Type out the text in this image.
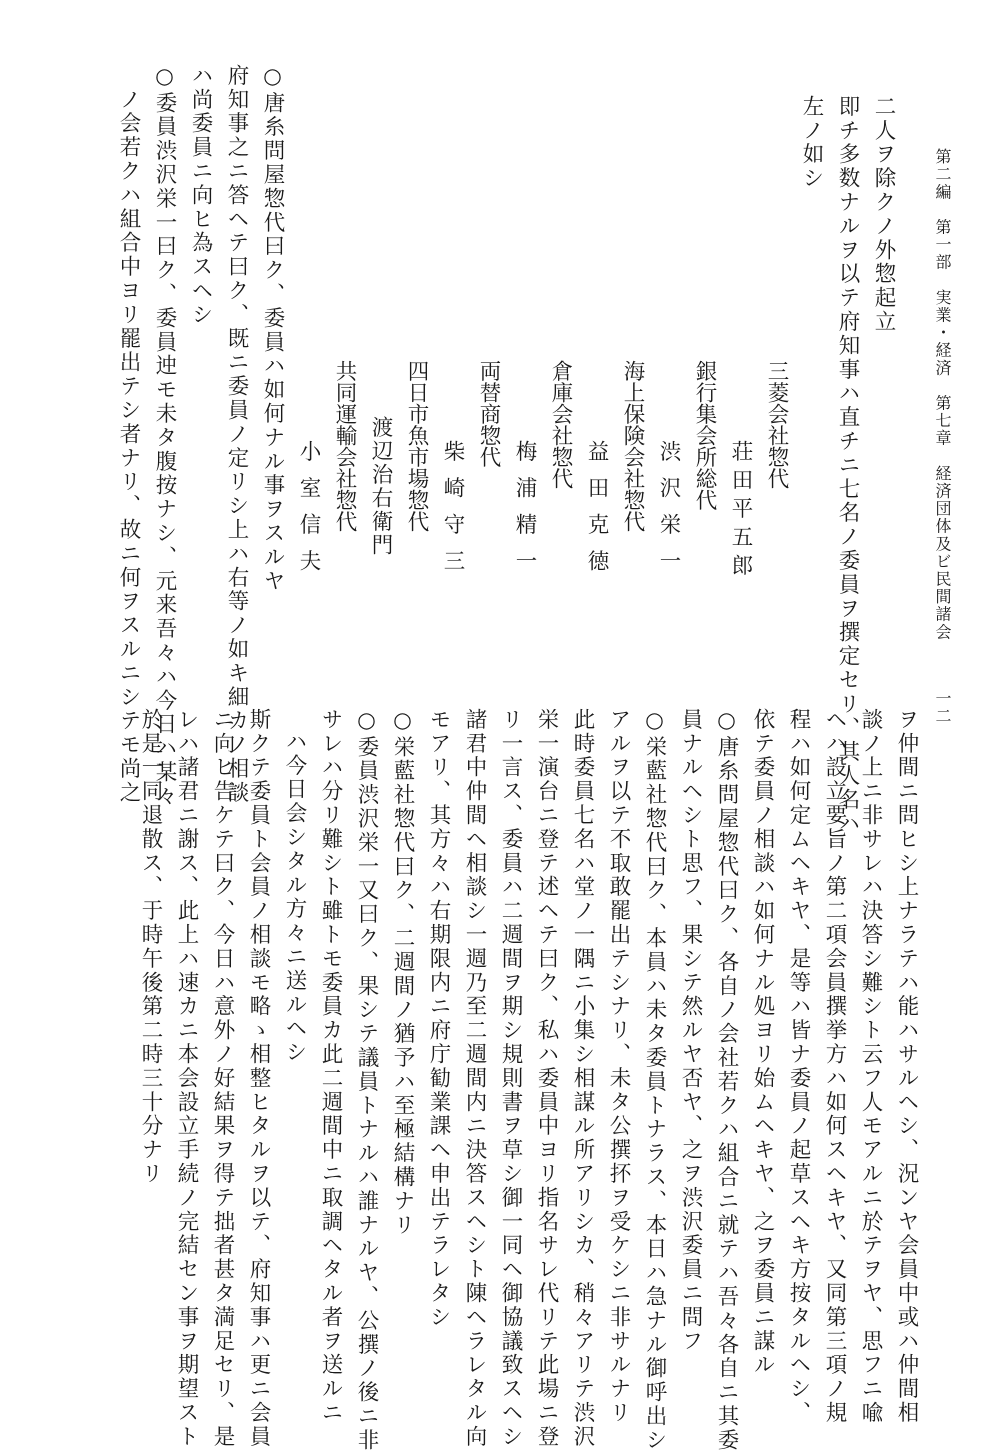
第二編　第一部　実業・経済　第七章　経済団体及ビ民間諸会
一二
二人ヲ除クノ外惣起立
即チ多数ナルヲ以テ府知事ハ直チニ七名ノ委員ヲ撰定セリ、其人名ハ
左ノ如シ
三菱会社惣代
荘田平五郎
銀行集会所総代
渋沢栄一
海上保険会社惣代
益田克徳
倉庫会社惣代
梅浦精一
両替商惣代
柴崎守三
四日市魚市場惣代
渡辺治右衛門
共同運輸会社惣代
小室信夫
○唐糸問屋惣代曰ク、委員ハ如何ナル事ヲスルヤ
府知事之ニ答ヘテ曰ク、既ニ委員ノ定リシ上ハ右等ノ如キ細カノ相談
ハ尚委員ニ向ヒ為スヘシ
○委員渋沢栄一曰ク、委員迚モ未タ腹按ナシ、元来吾々ハ今日ハ某々
　ノ会若クハ組合中ヨリ罷出テシ者ナリ、故ニ何ヲスルニシテモ尚之
ヲ仲間ニ問ヒシ上ナラテハ能ハサルヘシ、況ンヤ会員中或ハ仲間相
談ノ上ニ非サレハ決答シ難シト云フ人モアルニ於テヲヤ、思フニ喩
ヘハ設立要旨ノ第二項会員撰挙方ハ如何スヘキヤ、又同第三項ノ規
程ハ如何定ムヘキヤ、是等ハ皆ナ委員ノ起草スヘキ方按タルヘシ、
依テ委員ノ相談ハ如何ナル処ヨリ始ムヘキヤ、之ヲ委員ニ謀ル
○唐糸問屋惣代曰ク、各自ノ会社若クハ組合ニ就テハ吾々各自ニ其委
員ナルヘシト思フ、果シテ然ルヤ否ヤ、之ヲ渋沢委員ニ問フ
○栄藍社惣代曰ク、本員ハ未タ委員トナラス、本日ハ急ナル御呼出シ
アルヲ以テ不取敢罷出テシナリ、未タ公撰抔ヲ受ケシニ非サルナリ
此時委員七名ハ堂ノ一隅ニ小集シ相謀ル所アリシカ、稍々アリテ渋沢
栄一演台ニ登テ述ヘテ曰ク、私ハ委員中ヨリ指名サレ代リテ此場ニ登
リ一言ス、委員ハ二週間ヲ期シ規則書ヲ草シ御一同ヘ御協議致スヘシ
諸君中仲間ヘ相談シ一週乃至二週間内ニ決答スヘシト陳ヘラレタル向
モアリ、其方々ハ右期限内ニ府庁勧業課ヘ申出テラレタシ
○栄藍社惣代曰ク、二週間ノ猶予ハ至極結構ナリ
○委員渋沢栄一又曰ク、果シテ議員トナルハ誰ナルヤ、公撰ノ後ニ非
サレハ分リ難シト雖トモ委員カ此二週間中ニ取調ヘタル者ヲ送ルニ
ハ今日会シタル方々ニ送ルヘシ
斯クテ委員ト会員ノ相談モ略ゝ相整ヒタルヲ以テ、府知事ハ更ニ会員
ニ向ヒ告ケテ曰ク、今日ハ意外ノ好結果ヲ得テ拙者甚タ満足セリ、是
レハ諸君ニ謝ス、此上ハ速カニ本会設立手続ノ完結セン事ヲ期望スト
於是一同退散ス、于時午後第二時三十分ナリ
